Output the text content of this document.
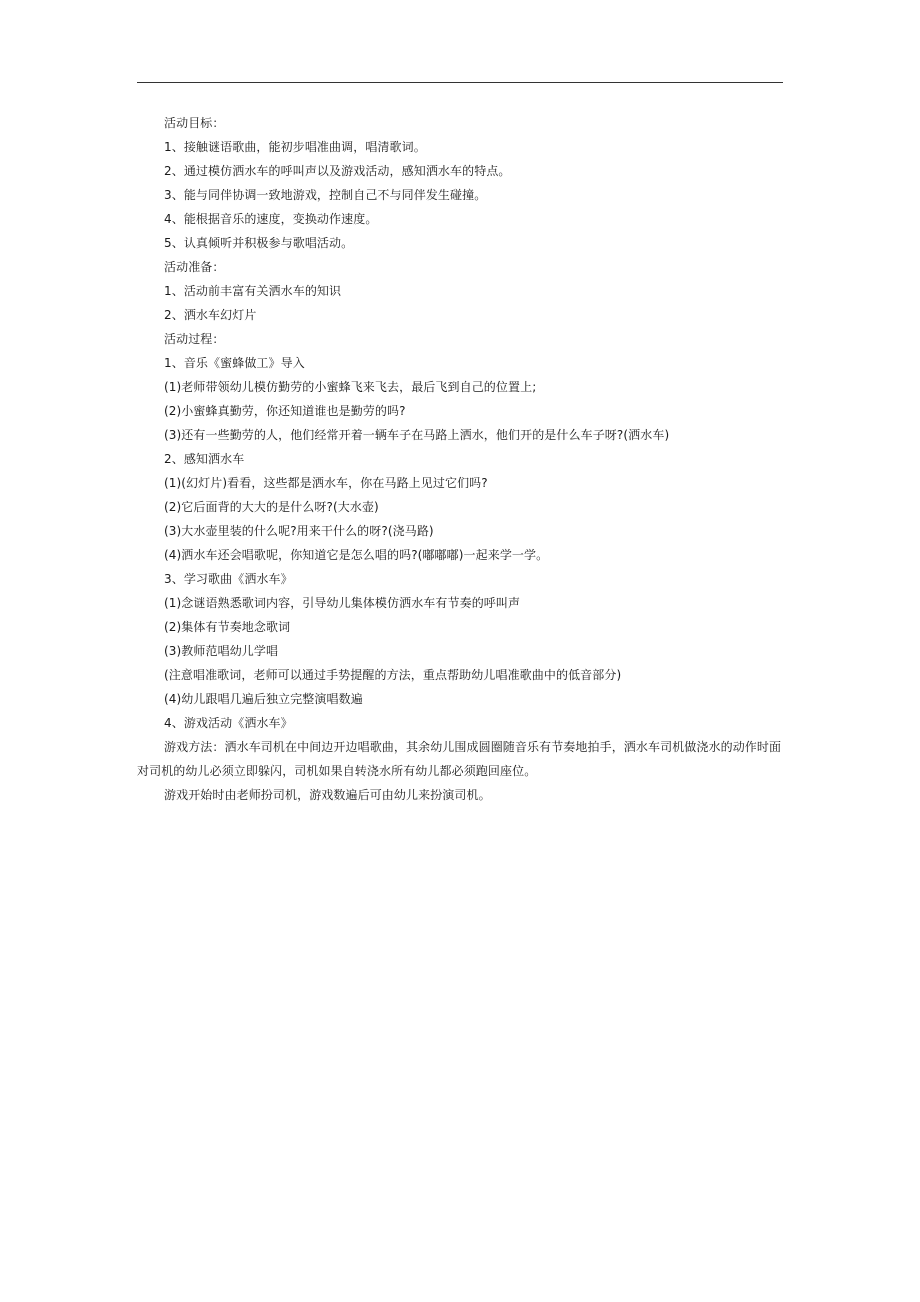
活动目标：
1、接触谜语歌曲，能初步唱准曲调，唱清歌词。
2、通过模仿洒水车的呼叫声以及游戏活动，感知洒水车的特点。
3、能与同伴协调一致地游戏，控制自己不与同伴发生碰撞。
4、能根据音乐的速度，变换动作速度。
5、认真倾听并积极参与歌唱活动。
活动准备：
1、活动前丰富有关洒水车的知识
2、洒水车幻灯片
活动过程：
1、音乐《蜜蜂做工》导入
(1)老师带领幼儿模仿勤劳的小蜜蜂飞来飞去，最后飞到自己的位置上;
(2)小蜜蜂真勤劳，你还知道谁也是勤劳的吗?
(3)还有一些勤劳的人，他们经常开着一辆车子在马路上洒水，他们开的是什么车子呀?(洒水车)
2、感知洒水车
(1)(幻灯片)看看，这些都是洒水车，你在马路上见过它们吗?
(2)它后面背的大大的是什么呀?(大水壶)
(3)大水壶里装的什么呢?用来干什么的呀?(浇马路)
(4)洒水车还会唱歌呢，你知道它是怎么唱的吗?(嘟嘟嘟)一起来学一学。
3、学习歌曲《洒水车》
(1)念谜语熟悉歌词内容，引导幼儿集体模仿洒水车有节奏的呼叫声
(2)集体有节奏地念歌词
(3)教师范唱幼儿学唱
(注意唱准歌词，老师可以通过手势提醒的方法，重点帮助幼儿唱准歌曲中的低音部分)
(4)幼儿跟唱几遍后独立完整演唱数遍
4、游戏活动《洒水车》
游戏方法：洒水车司机在中间边开边唱歌曲，其余幼儿围成圆圈随音乐有节奏地拍手，洒水车司机做浇水的动作时面对司机的幼儿必须立即躲闪，司机如果自转浇水所有幼儿都必须跑回座位。
游戏开始时由老师扮司机，游戏数遍后可由幼儿来扮演司机。
